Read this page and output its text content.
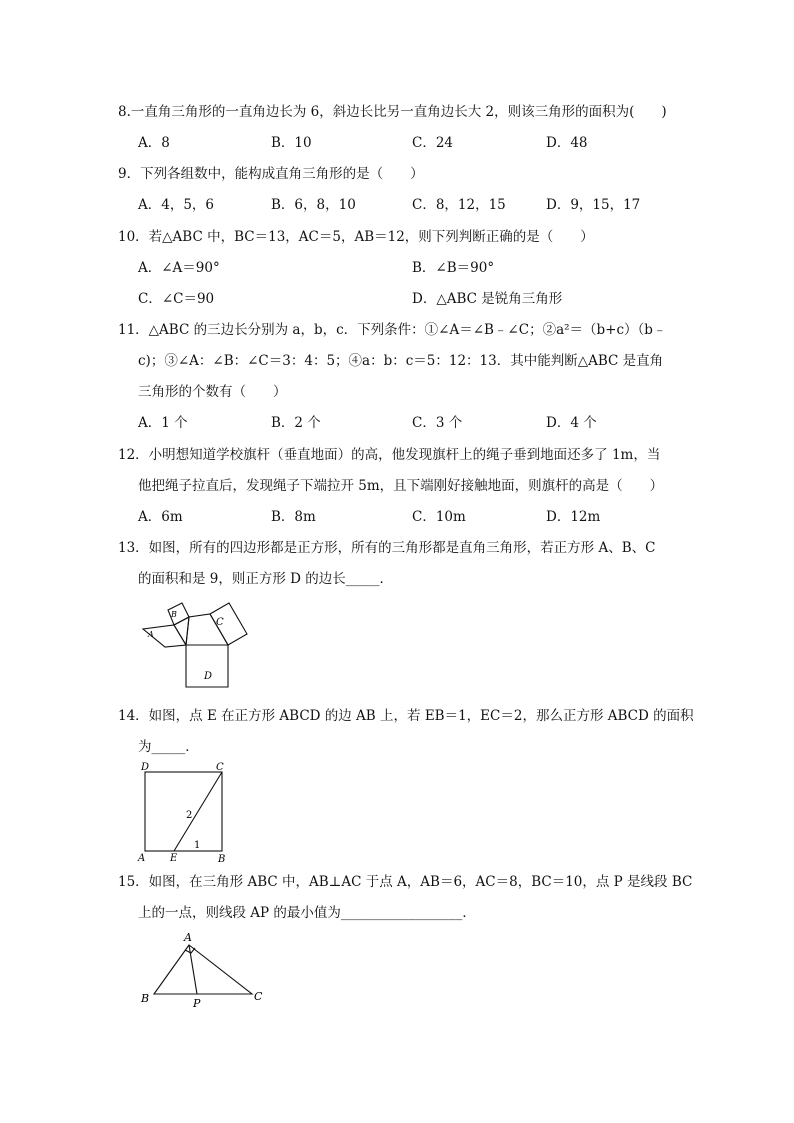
8.一直角三角形的一直角边长为 6，斜边长比另一直角边长大 2，则该三角形的面积为(　　)
A．8	B．10	C．24	D．48
9．下列各组数中，能构成直角三角形的是（　　）
A．4，5，6	B．6，8，10	C．8，12，15	D．9，15，17
10．若△ABC 中，BC＝13，AC＝5，AB＝12，则下列判断正确的是（　　）
A．∠A＝90°	B．∠B＝90°
C．∠C＝90	D．△ABC 是锐角三角形
11．△ABC 的三边长分别为 a，b，c．下列条件：①∠A＝∠B﹣∠C；②a²＝（b+c）（b﹣
c)；③∠A：∠B：∠C＝3：4：5；④a：b：c＝5：12：13．其中能判断△ABC 是直角
三角形的个数有（　　）
A．1 个	B．2 个	C．3 个	D．4 个
12．小明想知道学校旗杆（垂直地面）的高，他发现旗杆上的绳子垂到地面还多了 1m，当
他把绳子拉直后，发现绳子下端拉开 5m，且下端刚好接触地面，则旗杆的高是（　　）
A．6m	B．8m	C．10m	D．12m
13．如图，所有的四边形都是正方形，所有的三角形都是直角三角形，若正方形 A、B、C
的面积和是 9，则正方形 D 的边长_____．
D
C
B
A
14．如图，点 E 在正方形 ABCD 的边 AB 上，若 EB＝1，EC＝2，那么正方形 ABCD 的面积
为_____．
D	C
A E	B
2
1
15．如图，在三角形 ABC 中，AB⊥AC 于点 A，AB＝6，AC＝8，BC＝10，点 P 是线段 BC
上的一点，则线段 AP 的最小值为__________________．
A
B	C
P
